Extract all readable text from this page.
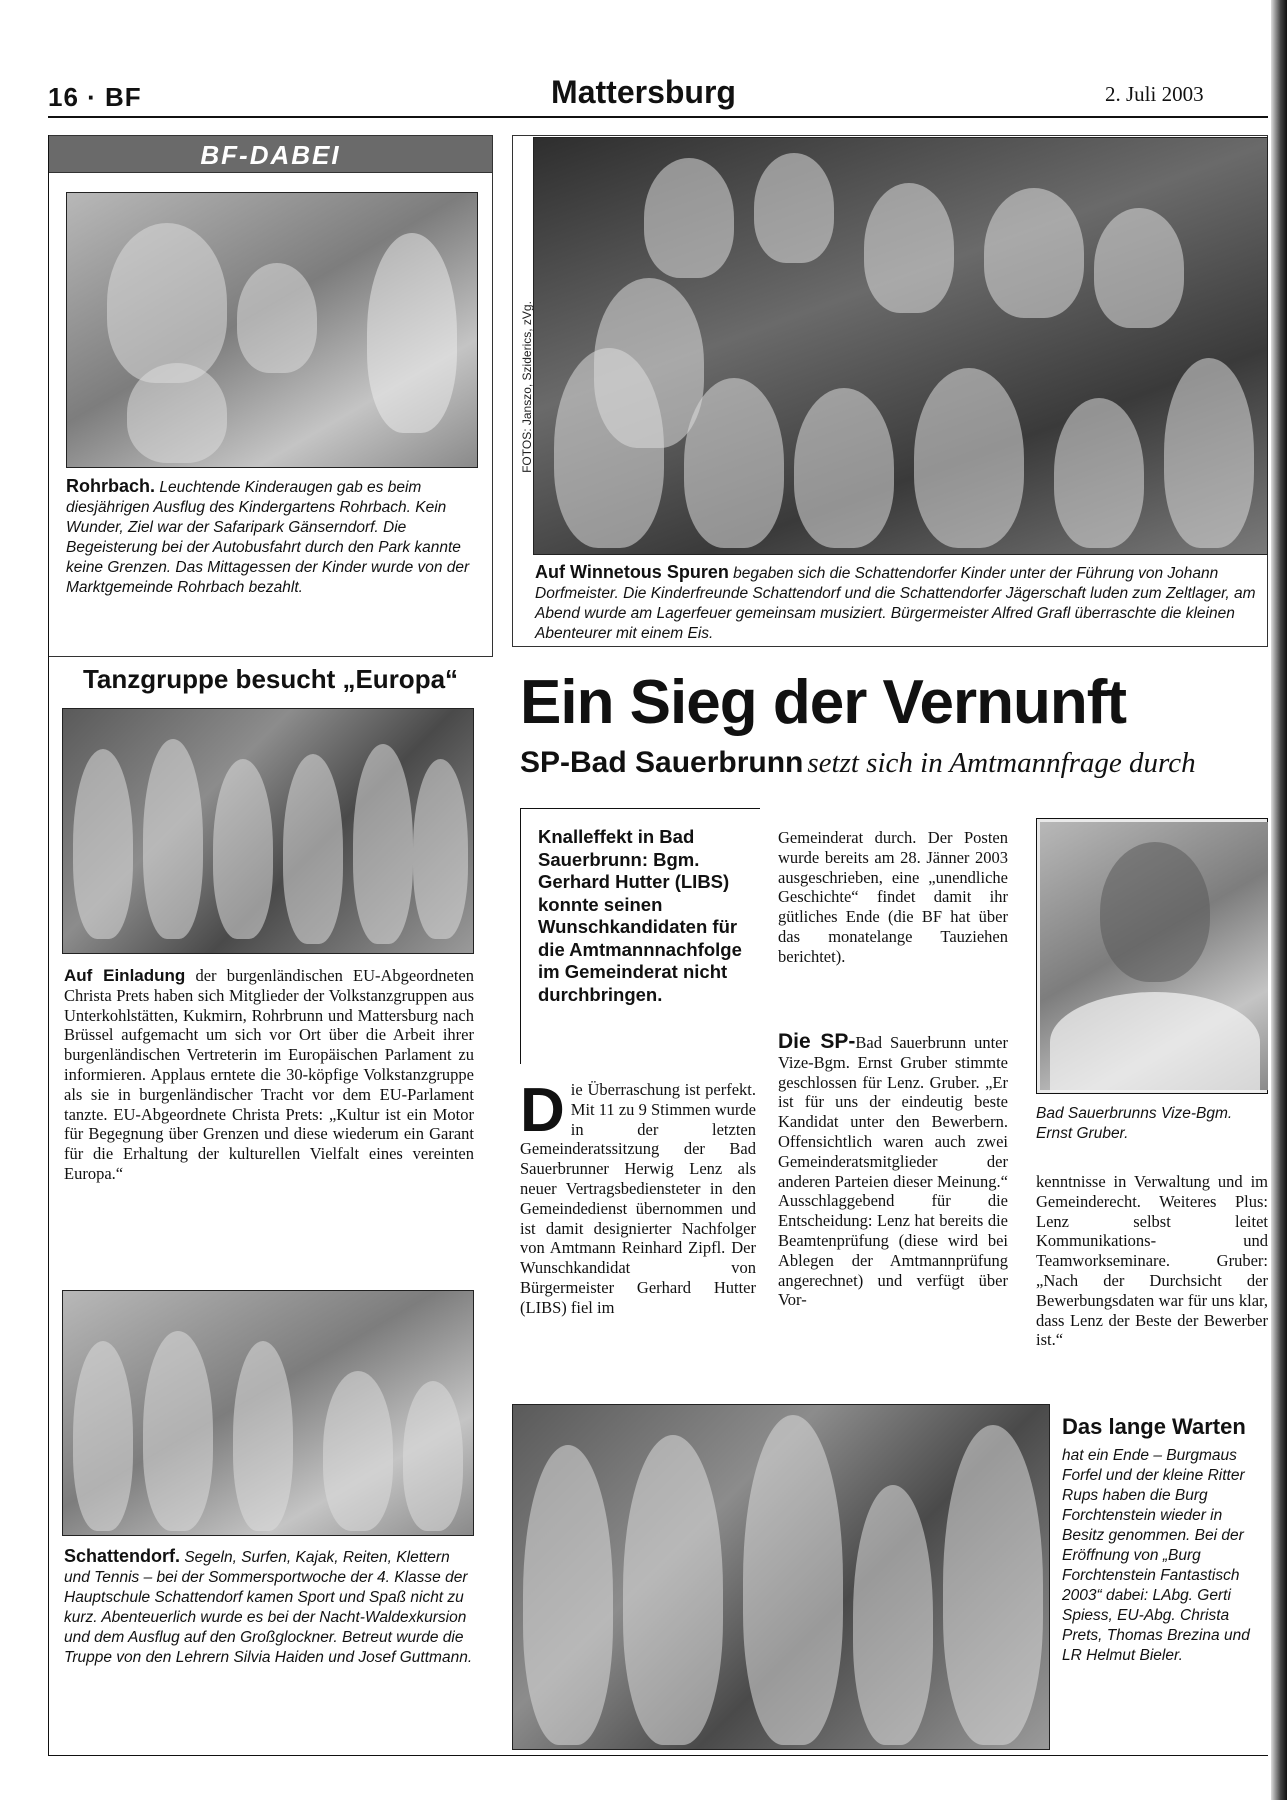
16 · BF	Mattersburg	2. Juli 2003
BF-DABEI
Rohrbach. Leuchtende Kinderaugen gab es beim diesjährigen Ausflug des Kindergartens Rohrbach. Kein Wunder, Ziel war der Safaripark Gänserndorf. Die Begeisterung bei der Autobusfahrt durch den Park kannte keine Grenzen. Das Mittagessen der Kinder wurde von der Marktgemeinde Rohrbach bezahlt.
Tanzgruppe besucht „Europa“
Auf Einladung der burgenländischen EU-Abgeordneten Christa Prets haben sich Mitglieder der Volkstanzgruppen aus Unterkohlstätten, Kukmirn, Rohrbrunn und Mattersburg nach Brüssel aufgemacht um sich vor Ort über die Arbeit ihrer burgenländischen Vertreterin im Europäischen Parlament zu informieren. Applaus erntete die 30-köpfige Volkstanzgruppe als sie in burgenländischer Tracht vor dem EU-Parlament tanzte. EU-Abgeordnete Christa Prets: „Kultur ist ein Motor für Begegnung über Grenzen und diese wiederum ein Garant für die Erhaltung der kulturellen Vielfalt eines vereinten Europa.“
Schattendorf. Segeln, Surfen, Kajak, Reiten, Klettern und Tennis – bei der Sommersportwoche der 4. Klasse der Hauptschule Schattendorf kamen Sport und Spaß nicht zu kurz. Abenteuerlich wurde es bei der Nacht-Waldexkursion und dem Ausflug auf den Großglockner. Betreut wurde die Truppe von den Lehrern Silvia Haiden und Josef Guttmann.
FOTOS: Janszo, Sziderics, zVg.
Auf Winnetous Spuren begaben sich die Schattendorfer Kinder unter der Führung von Johann Dorfmeister. Die Kinderfreunde Schattendorf und die Schattendorfer Jägerschaft luden zum Zeltlager, am Abend wurde am Lagerfeuer gemeinsam musiziert. Bürgermeister Alfred Grafl überraschte die kleinen Abenteurer mit einem Eis.
Ein Sieg der Vernunft
SP-Bad Sauerbrunn setzt sich in Amtmannfrage durch
Knalleffekt in Bad Sauerbrunn: Bgm. Gerhard Hutter (LIBS) konnte seinen Wunschkandidaten für die Amtmannnachfolge im Gemeinderat nicht durchbringen.
D ie Überraschung ist perfekt. Mit 11 zu 9 Stimmen wurde in der letzten Gemeinderatssitzung der Bad Sauerbrunner Herwig Lenz als neuer Vertragsbediensteter in den Gemeindedienst übernommen und ist damit designierter Nachfolger von Amtmann Reinhard Zipfl. Der Wunschkandidat von Bürgermeister Gerhard Hutter (LIBS) fiel im
Gemeinderat durch. Der Posten wurde bereits am 28. Jänner 2003 ausgeschrieben, eine „unendliche Geschichte“ findet damit ihr gütliches Ende (die BF hat über das monatelange Tauziehen berichtet).
Die SP-Bad Sauerbrunn unter Vize-Bgm. Ernst Gruber stimmte geschlossen für Lenz. Gruber. „Er ist für uns der eindeutig beste Kandidat unter den Bewerbern. Offensichtlich waren auch zwei Gemeinderatsmitglieder der anderen Parteien dieser Meinung.“ Ausschlaggebend für die Entscheidung: Lenz hat bereits die Beamtenprüfung (diese wird bei Ablegen der Amtmannprüfung angerechnet) und verfügt über Vor-
Bad Sauerbrunns Vize-Bgm. Ernst Gruber.
kenntnisse in Verwaltung und im Gemeinderecht. Weiteres Plus: Lenz selbst leitet Kommunikations- und Teamworkseminare. Gruber: „Nach der Durchsicht der Bewerbungsdaten war für uns klar, dass Lenz der Beste der Bewerber ist.“
Das lange Warten
hat ein Ende – Burgmaus Forfel und der kleine Ritter Rups haben die Burg Forchtenstein wieder in Besitz genommen. Bei der Eröffnung von „Burg Forchtenstein Fantastisch 2003“ dabei: LAbg. Gerti Spiess, EU-Abg. Christa Prets, Thomas Brezina und LR Helmut Bieler.
